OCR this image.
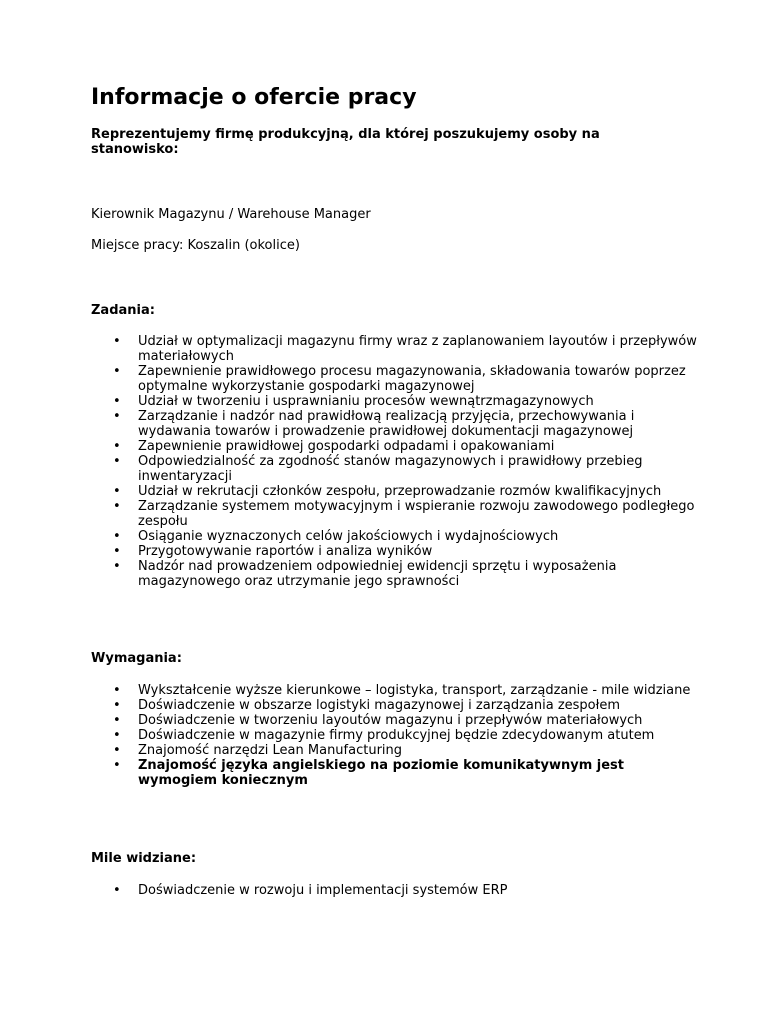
Informacje o ofercie pracy

Reprezentujemy firmę produkcyjną, dla której poszukujemy osoby na stanowisko:

Kierownik Magazynu / Warehouse Manager

Miejsce pracy: Koszalin (okolice)

Zadania:

• Udział w optymalizacji magazynu firmy wraz z zaplanowaniem layoutów i przepływów materiałowych
• Zapewnienie prawidłowego procesu magazynowania, składowania towarów poprzez optymalne wykorzystanie gospodarki magazynowej
• Udział w tworzeniu i usprawnianiu procesów wewnątrzmagazynowych
• Zarządzanie i nadzór nad prawidłową realizacją przyjęcia, przechowywania i wydawania towarów i prowadzenie prawidłowej dokumentacji magazynowej
• Zapewnienie prawidłowej gospodarki odpadami i opakowaniami
• Odpowiedzialność za zgodność stanów magazynowych i prawidłowy przebieg inwentaryzacji
• Udział w rekrutacji członków zespołu, przeprowadzanie rozmów kwalifikacyjnych
• Zarządzanie systemem motywacyjnym i wspieranie rozwoju zawodowego podległego zespołu
• Osiąganie wyznaczonych celów jakościowych i wydajnościowych
• Przygotowywanie raportów i analiza wyników
• Nadzór nad prowadzeniem odpowiedniej ewidencji sprzętu i wyposażenia magazynowego oraz utrzymanie jego sprawności

Wymagania:

• Wykształcenie wyższe kierunkowe – logistyka, transport, zarządzanie - mile widziane
• Doświadczenie w obszarze logistyki magazynowej i zarządzania zespołem
• Doświadczenie w tworzeniu layoutów magazynu i przepływów materiałowych
• Doświadczenie w magazynie firmy produkcyjnej będzie zdecydowanym atutem
• Znajomość narzędzi Lean Manufacturing
• Znajomość języka angielskiego na poziomie komunikatywnym jest wymogiem koniecznym

Mile widziane:

• Doświadczenie w rozwoju i implementacji systemów ERP
